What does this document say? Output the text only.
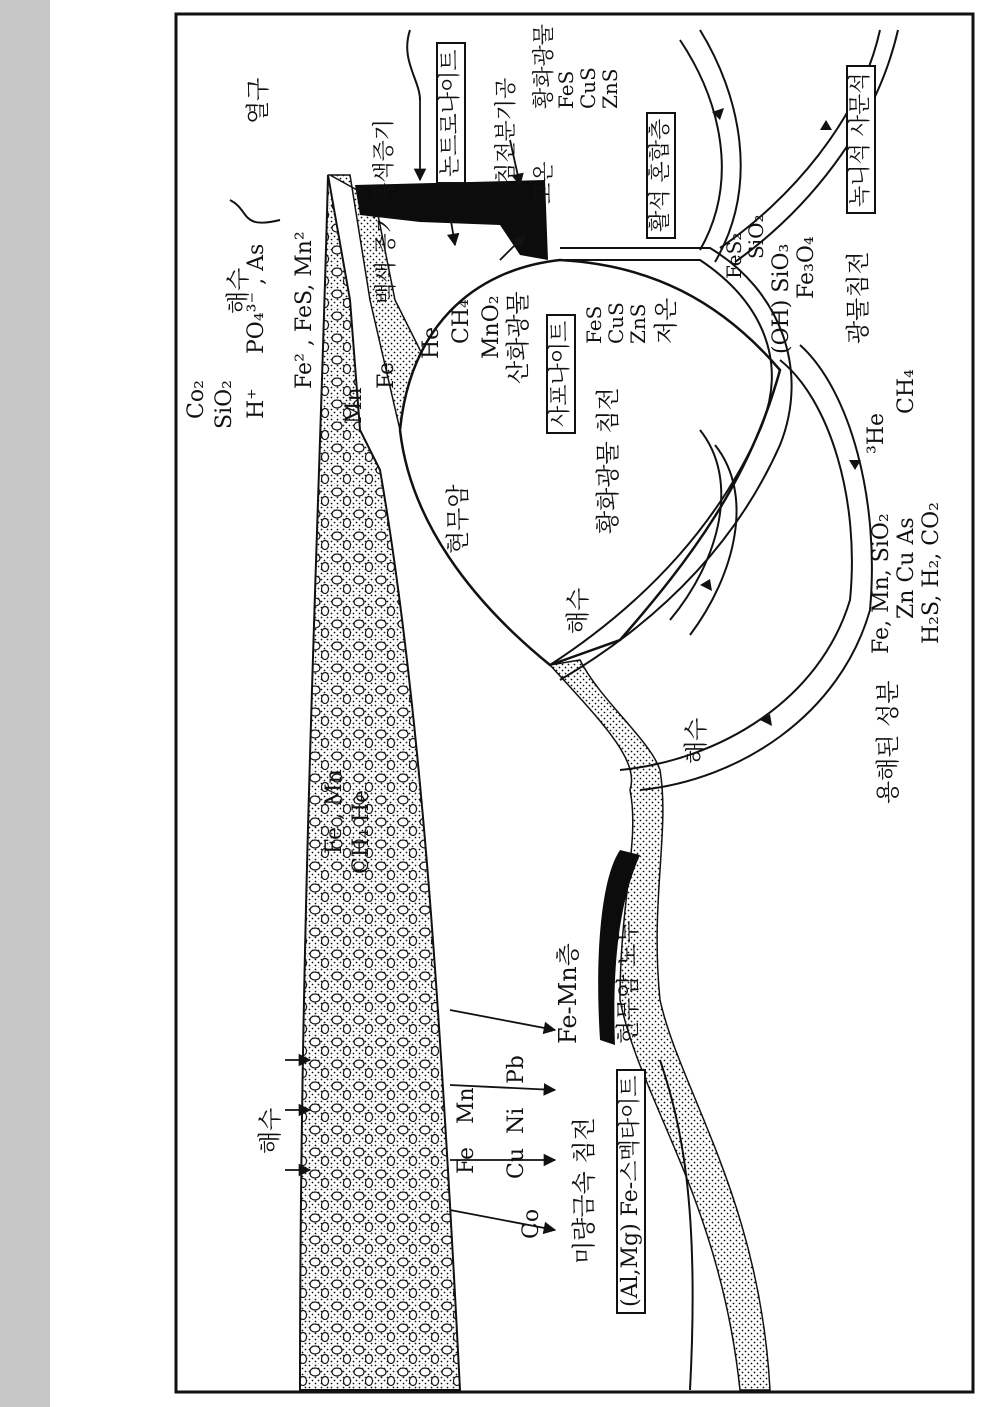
열구
해수
PO₄³⁻ , As
Co₂ SiO₂ H⁺
Fe² , FeS, Mn²
Mn
Fe
흑색증기
백색 증기
CH₄
He MnO₂ 산화광물
논트로나이트 침전분기공
황화광물
FeS
CuS
ZnS
활석 혼합층
고온
사포나이트 FeS
CuS
ZnS 저온
녹니석 사문석
FeS₂
SiO₂
(OH) SiO₃ Fe₃O₄ 광물침전
현무암	황화광물 침전
해수
³He
CH₄
Fe, Mn, SiO₂ Zn Cu As H₂S, H₂, CO₂
해수	용해된 성분
Fe , Mn CH₄ He
Fe-Mn층 현무암 노두
해수
Fe
Mn
Cu
Ni
Pb
Co 미량금속 침전 (Al,Mg) Fe-스멕타이트
